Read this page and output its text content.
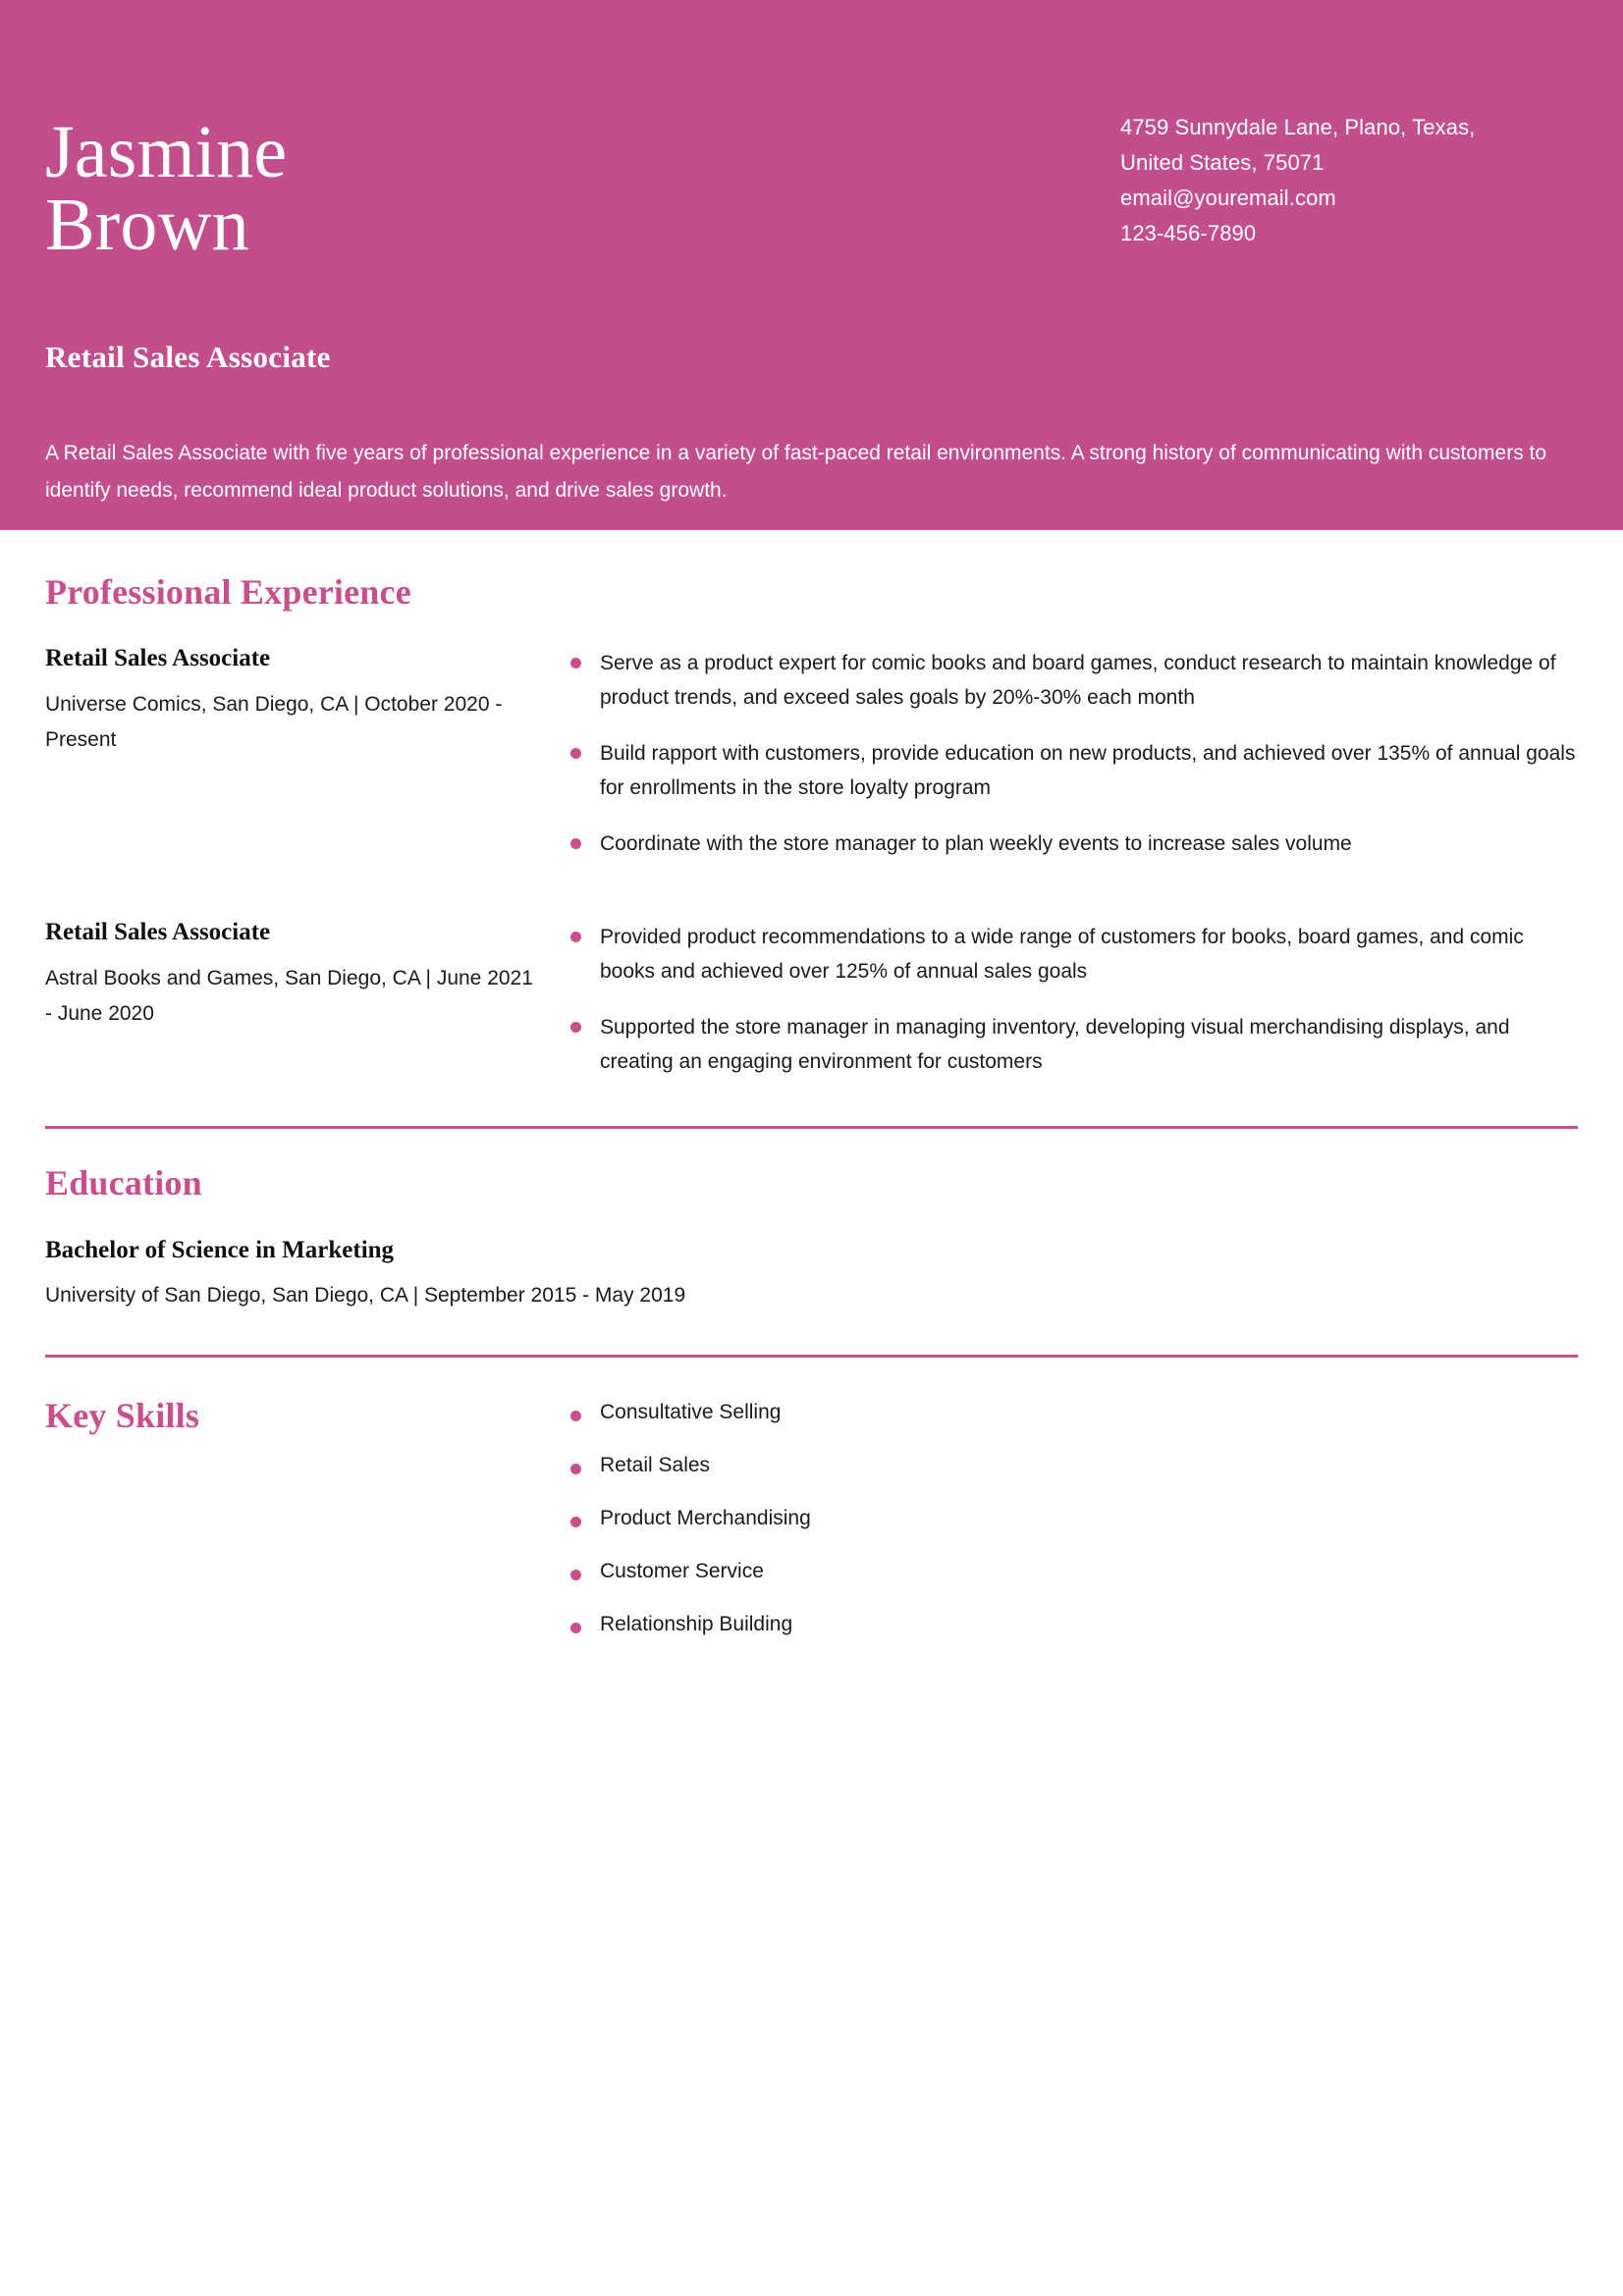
Jasmine
Brown
Retail Sales Associate
4759 Sunnydale Lane, Plano, Texas,
United States, 75071
email@youremail.com
123-456-7890
A Retail Sales Associate with five years of professional experience in a variety of fast-paced retail environments. A strong history of communicating with customers to identify needs, recommend ideal product solutions, and drive sales growth.
Professional Experience
Retail Sales Associate
Universe Comics, San Diego, CA | October 2020 - Present
Serve as a product expert for comic books and board games, conduct research to maintain knowledge of product trends, and exceed sales goals by 20%-30% each month
Build rapport with customers, provide education on new products, and achieved over 135% of annual goals for enrollments in the store loyalty program
Coordinate with the store manager to plan weekly events to increase sales volume
Retail Sales Associate
Astral Books and Games, San Diego, CA | June 2021 - June 2020
Provided product recommendations to a wide range of customers for books, board games, and comic books and achieved over 125% of annual sales goals
Supported the store manager in managing inventory, developing visual merchandising displays, and creating an engaging environment for customers
Education
Bachelor of Science in Marketing
University of San Diego, San Diego, CA | September 2015 - May 2019
Key Skills	Consultative Selling
Retail Sales
Product Merchandising
Customer Service
Relationship Building
